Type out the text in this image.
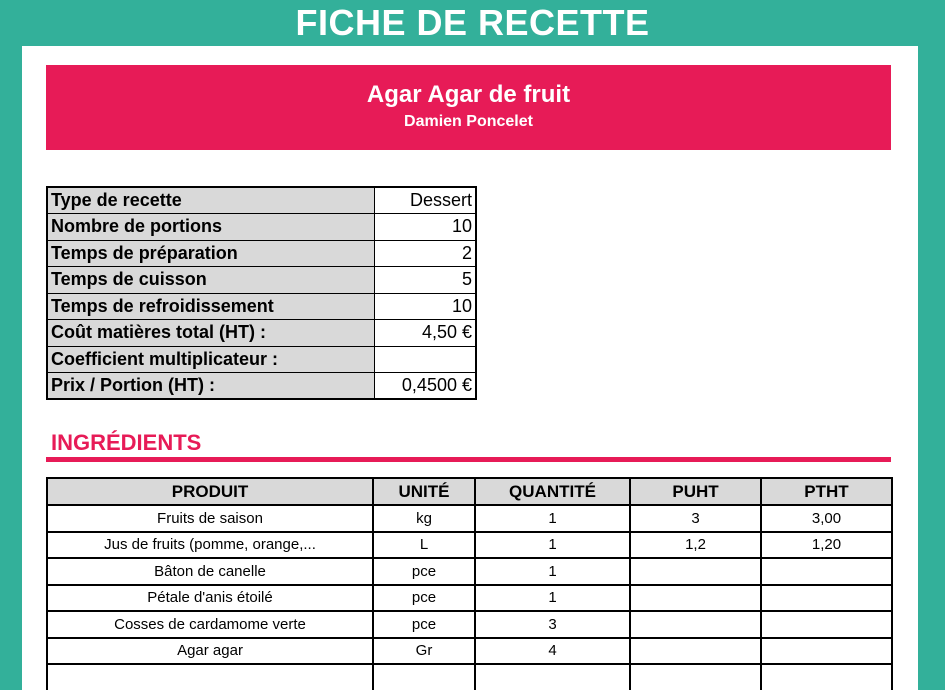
FICHE DE RECETTE
Agar Agar de fruit
Damien Poncelet
Type de recette	Dessert
Nombre de portions	10
Temps de préparation	2
Temps de cuisson	5
Temps de refroidissement	10
Coût matières total (HT) :	4,50 €
Coefficient multiplicateur :	
Prix / Portion (HT) :	0,4500 €
INGRÉDIENTS
PRODUIT	UNITÉ	QUANTITÉ	PUHT	PTHT
Fruits de saison	kg	1	3	3,00
Jus de fruits (pomme, orange,...	L	1	1,2	1,20
Bâton de canelle	pce	1		
Pétale d'anis étoilé	pce	1		
Cosses de cardamome verte	pce	3		
Agar agar	Gr	4		
